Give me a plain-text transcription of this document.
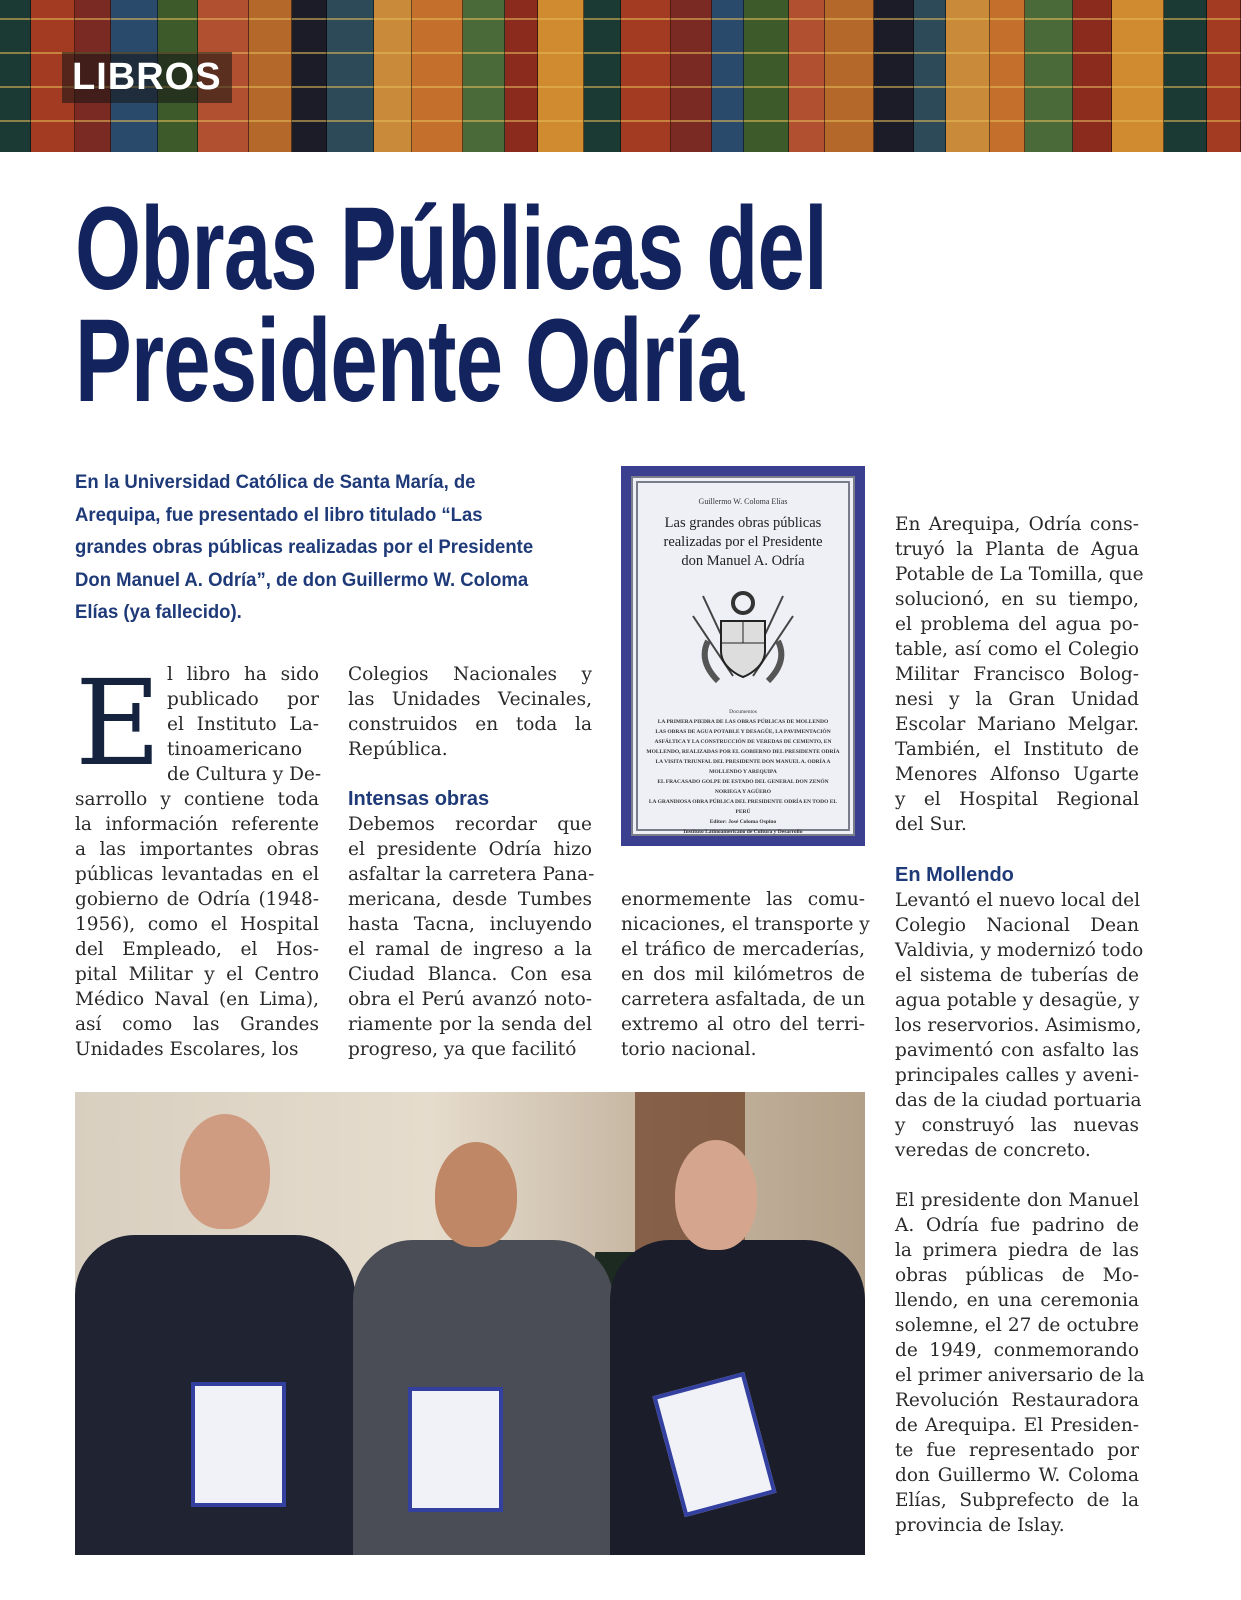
LIBROS
Obras Públicas del
Presidente Odría
En la Universidad Católica de Santa María, de
Arequipa, fue presentado el libro titulado “Las
grandes obras públicas realizadas por el Presidente
Don Manuel A. Odría”, de don Guillermo W. Coloma
Elías (ya fallecido).
E l libro ha sido
publicado por
el Instituto La-
tinoamericano
de Cultura y De-
sarrollo y contiene toda
la información referente
a las importantes obras
públicas levantadas en el
gobierno de Odría (1948-
1956), como el Hospital
del Empleado, el Hos-
pital Militar y el Centro
Médico Naval (en Lima),
así como las Grandes
Unidades Escolares, los
Colegios Nacionales y
las Unidades Vecinales,
construidos en toda la
República.
Intensas obras
Debemos recordar que
el presidente Odría hizo
asfaltar la carretera Pana-
mericana, desde Tumbes
hasta Tacna, incluyendo
el ramal de ingreso a la
Ciudad Blanca. Con esa
obra el Perú avanzó noto-
riamente por la senda del
progreso, ya que facilitó
enormemente las comu-
nicaciones, el transporte y
el tráfico de mercaderías,
en dos mil kilómetros de
carretera asfaltada, de un
extremo al otro del terri-
torio nacional.
En Arequipa, Odría cons-
truyó la Planta de Agua
Potable de La Tomilla, que
solucionó, en su tiempo,
el problema del agua po-
table, así como el Colegio
Militar Francisco Bolog-
nesi y la Gran Unidad
Escolar Mariano Melgar.
También, el Instituto de
Menores Alfonso Ugarte
y el Hospital Regional
del Sur.
En Mollendo
Levantó el nuevo local del
Colegio Nacional Dean
Valdivia, y modernizó todo
el sistema de tuberías de
agua potable y desagüe, y
los reservorios. Asimismo,
pavimentó con asfalto las
principales calles y aveni-
das de la ciudad portuaria
y construyó las nuevas
veredas de concreto.
El presidente don Manuel
A. Odría fue padrino de
la primera piedra de las
obras públicas de Mo-
llendo, en una ceremonia
solemne, el 27 de octubre
de 1949, conmemorando
el primer aniversario de la
Revolución Restauradora
de Arequipa. El Presiden-
te fue representado por
don Guillermo W. Coloma
Elías, Subprefecto de la
provincia de Islay.
Guillermo W. Coloma Elías
Las grandes obras públicas
realizadas por el Presidente
don Manuel A. Odría
Documentos
LA PRIMERA PIEDRA DE LAS OBRAS PÚBLICAS DE MOLLENDO
LAS OBRAS DE AGUA POTABLE Y DESAGÜE, LA PAVIMENTACIÓN ASFÁLTICA Y LA CONSTRUCCIÓN DE VEREDAS DE CEMENTO, EN MOLLENDO, REALIZADAS POR EL GOBIERNO DEL PRESIDENTE ODRÍA
LA VISITA TRIUNFAL DEL PRESIDENTE DON MANUEL A. ODRÍA A MOLLENDO Y AREQUIPA
EL FRACASADO GOLPE DE ESTADO DEL GENERAL DON ZENÓN NORIEGA Y AGÜERO
LA GRANDIOSA OBRA PÚBLICA DEL PRESIDENTE ODRÍA EN TODO EL PERÚ
Editor: José Coloma Ospino
Instituto Latinoamericano de Cultura y Desarrollo
